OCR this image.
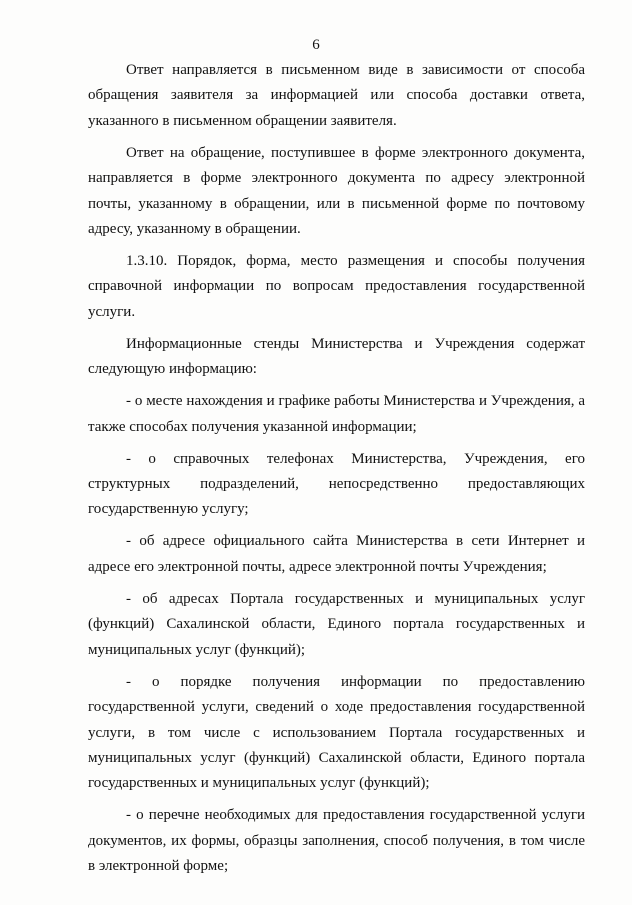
6

Ответ направляется в письменном виде в зависимости от способа обращения заявителя за информацией или способа доставки ответа, указанного в письменном обращении заявителя.

Ответ на обращение, поступившее в форме электронного документа, направляется в форме электронного документа по адресу электронной почты, указанному в обращении, или в письменной форме по почтовому адресу, указанному в обращении.

1.3.10. Порядок, форма, место размещения и способы получения справочной информации по вопросам предоставления государственной услуги.

Информационные стенды Министерства и Учреждения содержат следующую информацию:

- о месте нахождения и графике работы Министерства и Учреждения, а также способах получения указанной информации;

- о справочных телефонах Министерства, Учреждения, его структурных подразделений, непосредственно предоставляющих государственную услугу;

- об адресе официального сайта Министерства в сети Интернет и адресе его электронной почты, адресе электронной почты Учреждения;

- об адресах Портала государственных и муниципальных услуг (функций) Сахалинской области, Единого портала государственных и муниципальных услуг (функций);

- о порядке получения информации по предоставлению государственной услуги, сведений о ходе предоставления государственной услуги, в том числе с использованием Портала государственных и муниципальных услуг (функций) Сахалинской области, Единого портала государственных и муниципальных услуг (функций);

- о перечне необходимых для предоставления государственной услуги документов, их формы, образцы заполнения, способ получения, в том числе в электронной форме;
